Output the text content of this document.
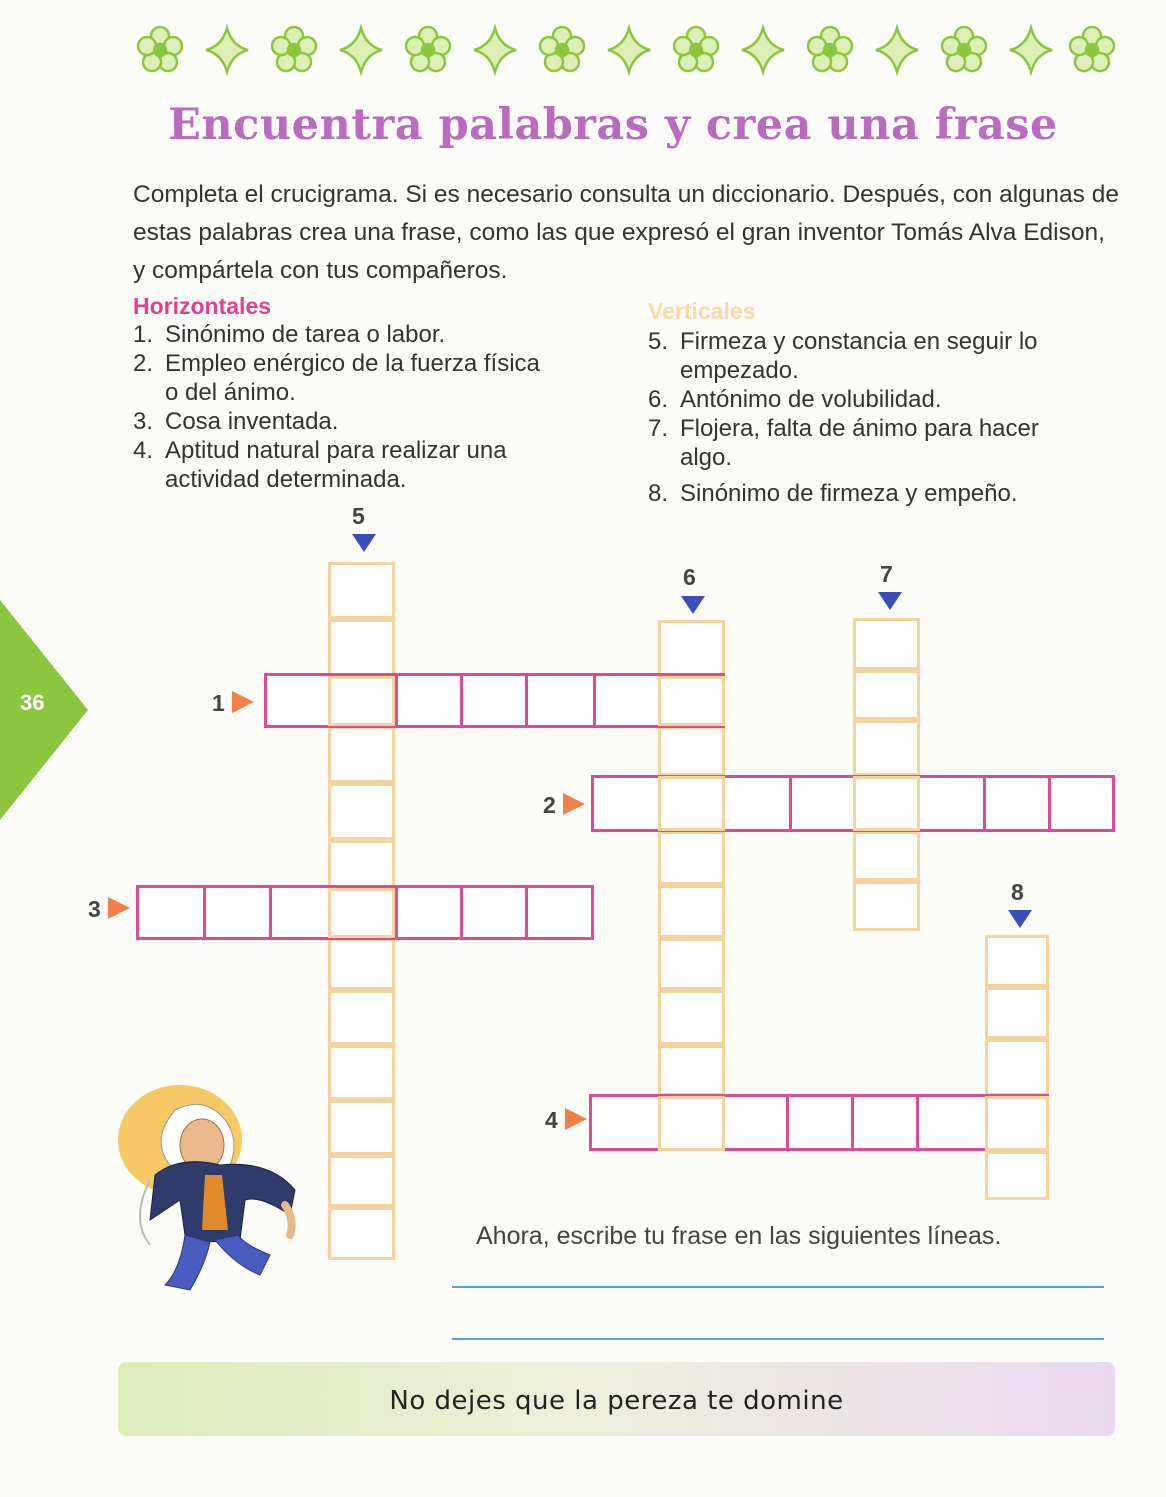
Encuentra palabras y crea una frase
Completa el crucigrama. Si es necesario consulta un diccionario. Después, con algunas de estas palabras crea una frase, como las que expresó el gran inventor Tomás Alva Edison, y compártela con tus compañeros.
Horizontales
1. Sinónimo de tarea o labor.
2. Empleo enérgico de la fuerza física
o del ánimo.
3. Cosa inventada.
4. Aptitud natural para realizar una
actividad determinada.
Verticales
5. Firmeza y constancia en seguir lo
empezado.
6. Antónimo de volubilidad.
7. Flojera, falta de ánimo para hacer
algo.
8. Sinónimo de firmeza y empeño.
36
5
6	7
8
1
2
3
4
Ahora, escribe tu frase en las siguientes líneas.
No dejes que la pereza te domine
